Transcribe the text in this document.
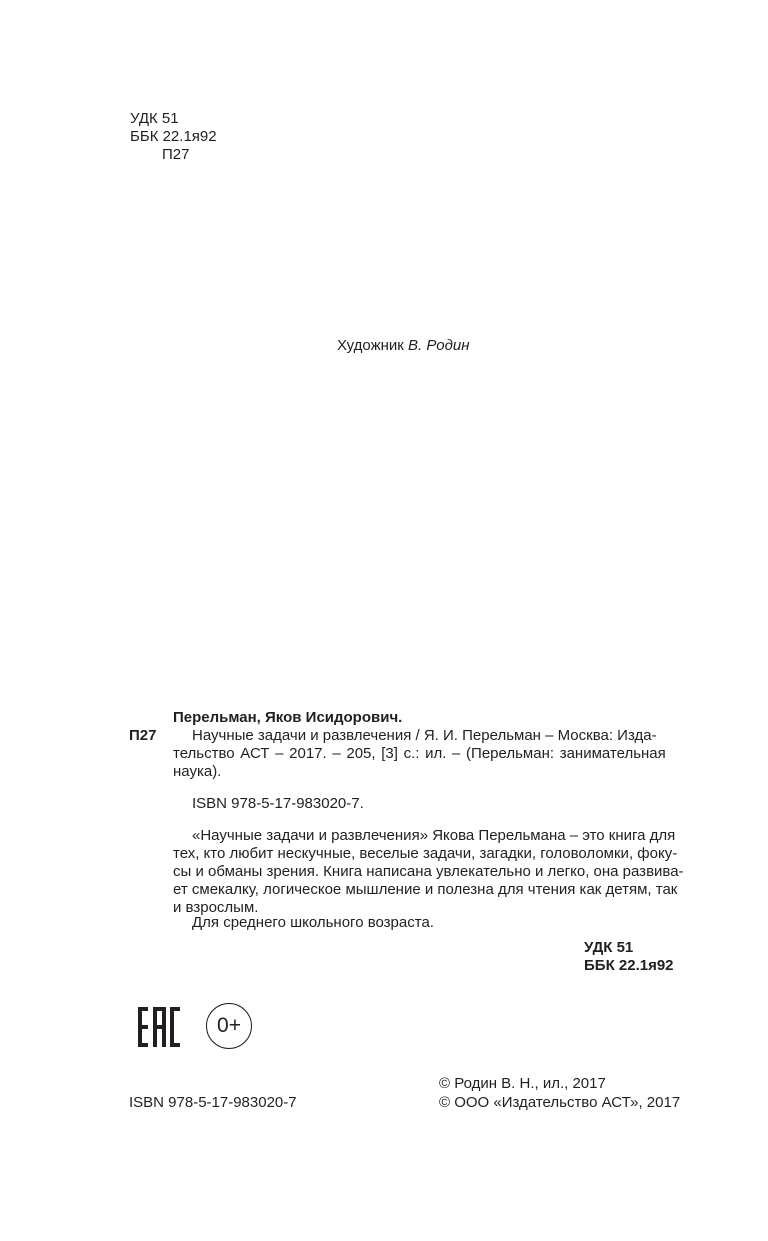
УДК 51
ББК 22.1я92
П27
Художник В. Родин
Перельман, Яков Исидорович.
П27 Научные задачи и развлечения / Я. И. Перельман – Москва: Изда-
тельство АСТ – 2017. – 205, [3] с.: ил. – (Перельман: занимательная
наука).
ISBN 978-5-17-983020-7.
«Научные задачи и развлечения» Якова Перельмана – это книга для
тех, кто любит нескучные, веселые задачи, загадки, головоломки, фоку-
сы и обманы зрения. Книга написана увлекательно и легко, она развива-
ет смекалку, логическое мышление и полезна для чтения как детям, так
и взрослым.
Для среднего школьного возраста.
УДК 51
ББК 22.1я92
0+
© Родин В. Н., ил., 2017
ISBN 978-5-17-983020-7	© ООО «Издательство АСТ», 2017
